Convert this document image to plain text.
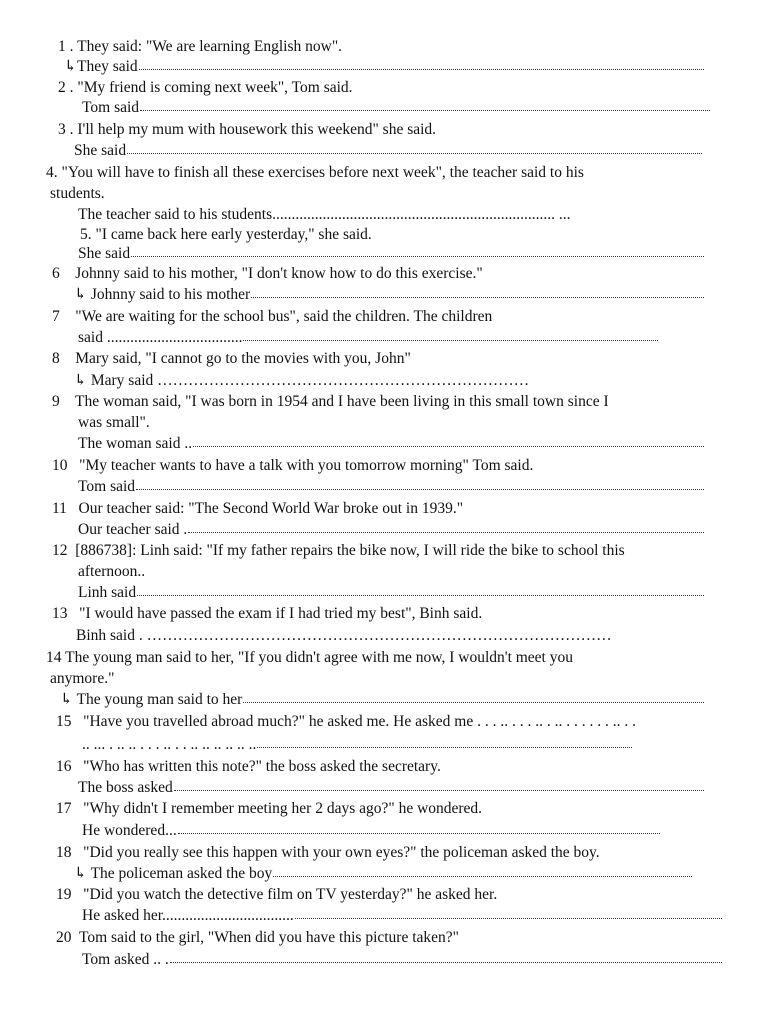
1 . They said: "We are learning English now".
↳They said
2 . "My friend is coming next week", Tom said.
Tom said
3 . I'll help my mum with housework this weekend" she said.
She said
4. "You will have to finish all these exercises before next week", the teacher said to his
students.
The teacher said to his students......................................................................... ...
5. "I came back here early yesterday," she said.
She said
6    Johnny said to his mother, "I don't know how to do this exercise."
↳ Johnny said to his mother
7    "We are waiting for the school bus", said the children. The children
said ...................................
8    Mary said, "I cannot go to the movies with you, John"
↳ Mary said ………………………………………………………………
9    The woman said, "I was born in 1954 and I have been living in this small town since I
was small".
The woman said ..
10   "My teacher wants to have a talk with you tomorrow morning" Tom said.
Tom said
11   Our teacher said: "The Second World War broke out in 1939."
Our teacher said .
12  [886738]: Linh said: "If my father repairs the bike now, I will ride the bike to school this
afternoon..
Linh said
13   "I would have passed the exam if I had tried my best", Binh said.
Binh said . ………………………………………………………………………………
14 The young man said to her, "If you didn't agree with me now, I wouldn't meet you
anymore."
↳ The young man said to her
15   "Have you travelled abroad much?" he asked me. He asked me . . . .. . . . .. . .. . . . . . . .. . .
.. ... . .. .. . . . .. . . .. .. .. .. .. ..
16   "Who has written this note?" the boss asked the secretary.
The boss asked
17   "Why didn't I remember meeting her 2 days ago?" he wondered.
He wondered...
18   "Did you really see this happen with your own eyes?" the policeman asked the boy.
↳ The policeman asked the boy
19   "Did you watch the detective film on TV yesterday?" he asked her.
He asked her..................................
20  Tom said to the girl, "When did you have this picture taken?"
Tom asked .. .
